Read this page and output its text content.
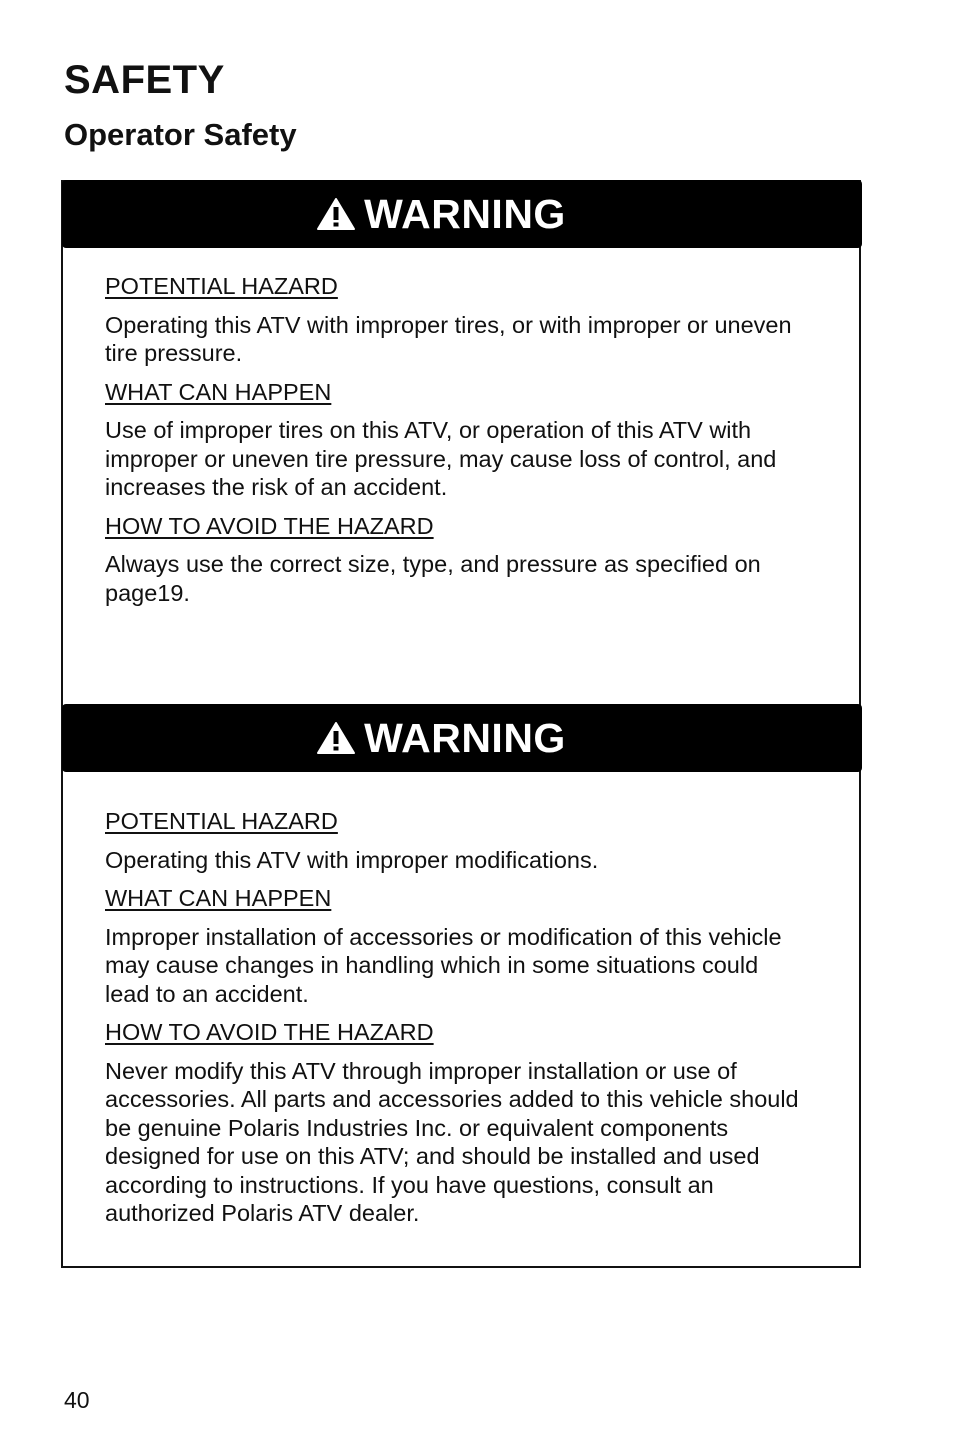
SAFETY
Operator Safety
WARNING

POTENTIAL HAZARD

Operating this ATV with improper tires, or with improper or uneven tire pressure.

WHAT CAN HAPPEN

Use of improper tires on this ATV, or operation of this ATV with improper or uneven tire pressure, may cause loss of control, and increases the risk of an accident.

HOW TO AVOID THE HAZARD

Always use the correct size, type, and pressure as specified on page19.

WARNING

POTENTIAL HAZARD

Operating this ATV with improper modifications.

WHAT CAN HAPPEN

Improper installation of accessories or modification of this vehicle may cause changes in handling which in some situations could lead to an accident.

HOW TO AVOID THE HAZARD

Never modify this ATV through improper installation or use of accessories. All parts and accessories added to this vehicle should be genuine Polaris Industries Inc. or equivalent components designed for use on this ATV; and should be installed and used according to instructions. If you have questions, consult an authorized Polaris ATV dealer.

40
